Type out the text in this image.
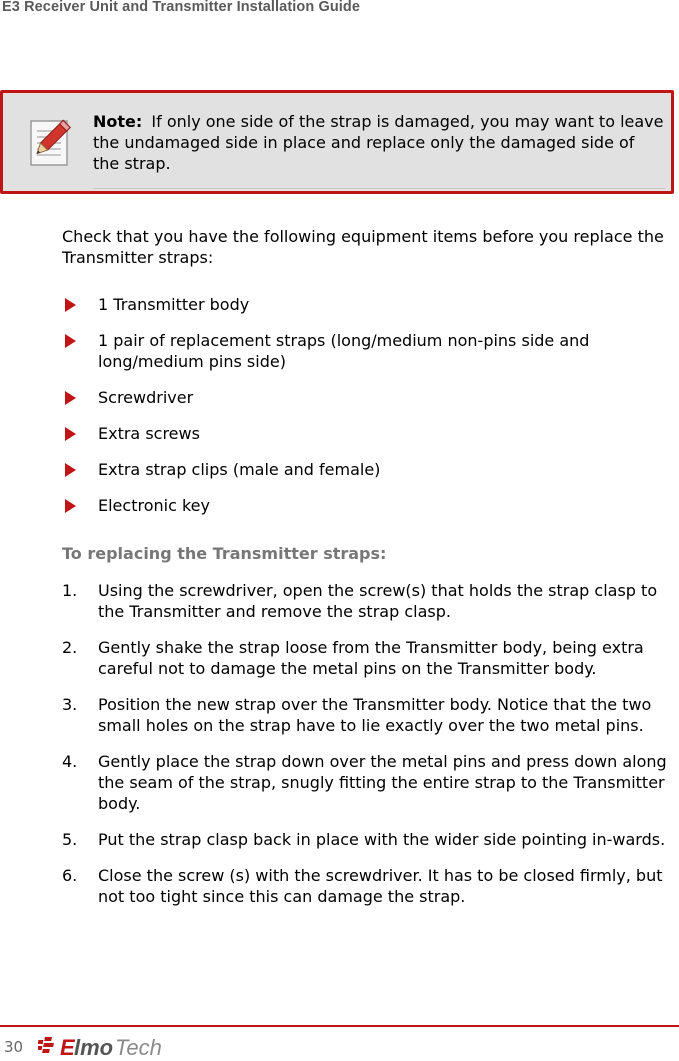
E3 Receiver Unit and Transmitter Installation Guide
Note: If only one side of the strap is damaged, you may want to leave the undamaged side in place and replace only the damaged side of the strap.
Check that you have the following equipment items before you replace the Transmitter straps:
1 Transmitter body
1 pair of replacement straps (long/medium non-pins side and long/medium pins side)
Screwdriver
Extra screws
Extra strap clips (male and female)
Electronic key
To replacing the Transmitter straps:
1. Using the screwdriver, open the screw(s) that holds the strap clasp to the Transmitter and remove the strap clasp.
2. Gently shake the strap loose from the Transmitter body, being extra careful not to damage the metal pins on the Transmitter body.
3. Position the new strap over the Transmitter body. Notice that the two small holes on the strap have to lie exactly over the two metal pins.
4. Gently place the strap down over the metal pins and press down along the seam of the strap, snugly fitting the entire strap to the Transmitter body.
5. Put the strap clasp back in place with the wider side pointing in-wards.
6. Close the screw (s) with the screwdriver. It has to be closed firmly, but not too tight since this can damage the strap.
30 E lmo Tech
